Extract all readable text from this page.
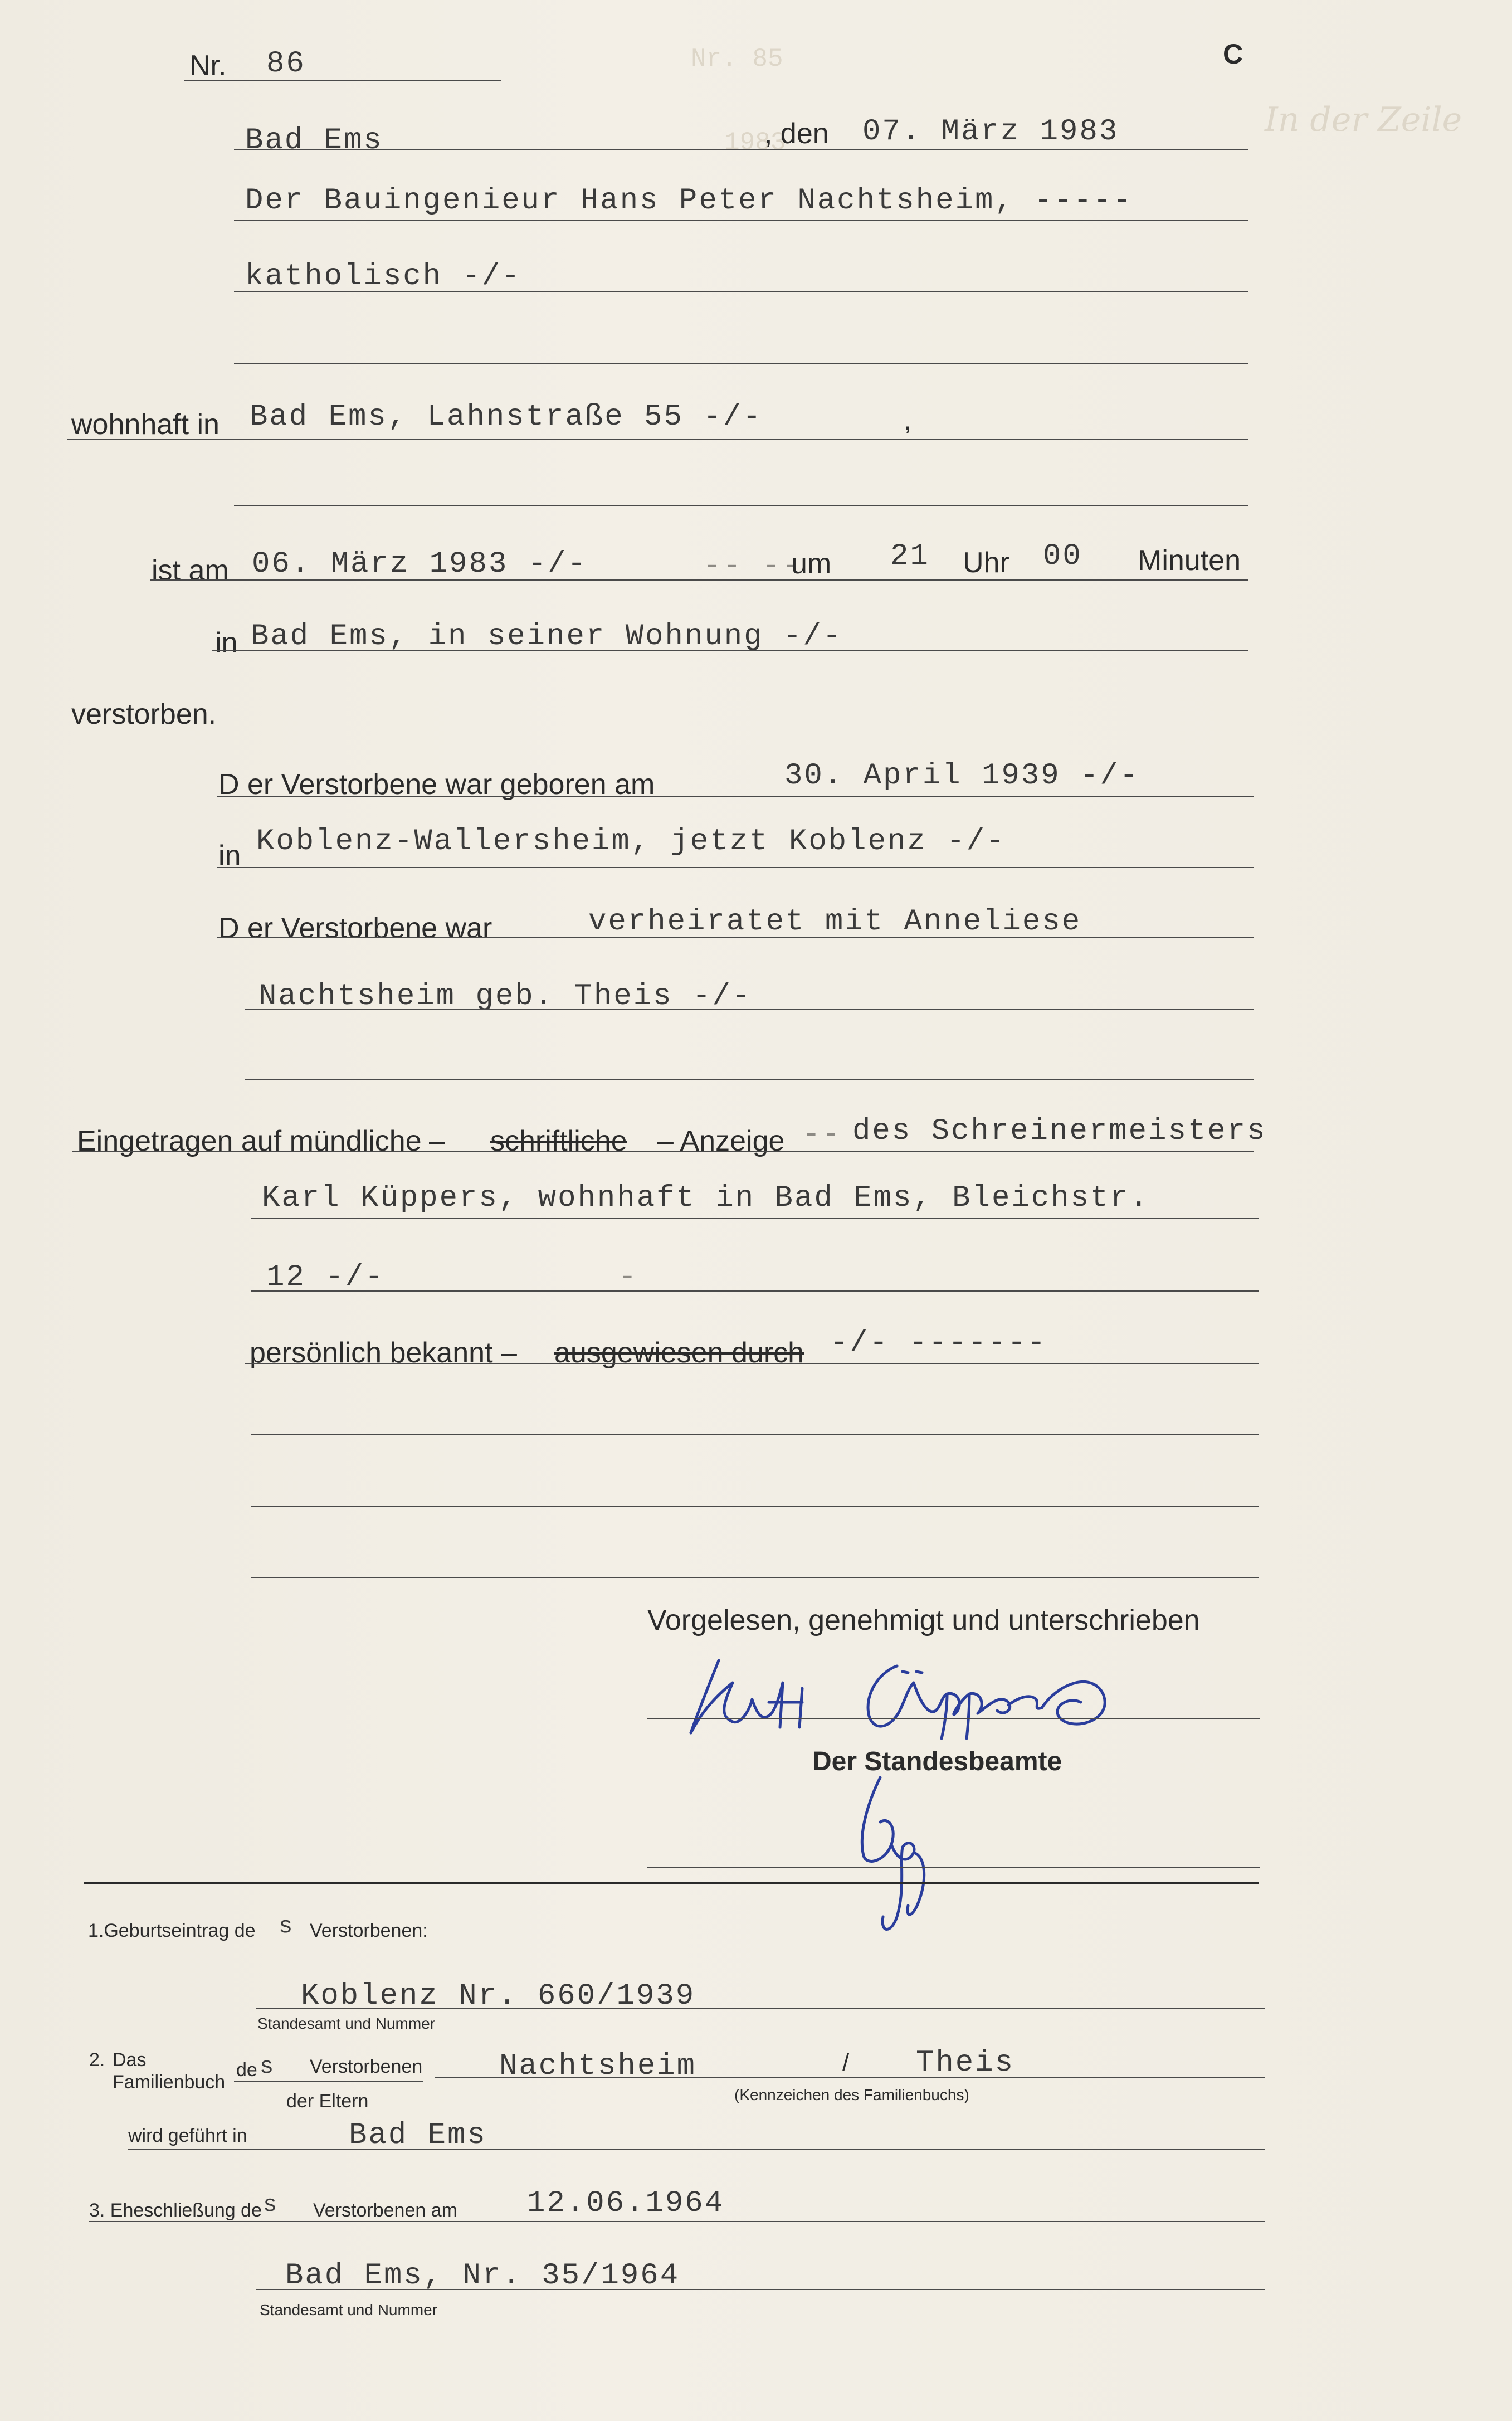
Nr. 85
1983
In der Zeile
Nr. 86	C
Bad Ems	, den 07. März 1983
Der Bauingenieur Hans Peter Nachtsheim, -----
katholisch -/-
wohnhaft in Bad Ems, Lahnstraße 55 -/-	,
ist am 06. März 1983 -/-	-- --
um 21 Uhr 00 Minuten
in Bad Ems, in seiner Wohnung -/-
verstorben.
D er Verstorbene war geboren am	30. April 1939 -/-
in Koblenz-Wallersheim, jetzt Koblenz -/-
D er Verstorbene war	verheiratet mit Anneliese
Nachtsheim geb. Theis -/-
Eingetragen auf mündliche – schriftliche – Anzeige -- des Schreinermeisters
Karl Küppers, wohnhaft in Bad Ems, Bleichstr.
12 -/-	-
persönlich bekannt – ausgewiesen durch -/- -------
Vorgelesen, genehmigt und unterschrieben
Der Standesbeamte
1.Geburtseintrag de s Verstorbenen:
Koblenz Nr. 660/1939
Standesamt und Nummer
2. Das
Familienbuch
de s Verstorbenen
der Eltern
Nachtsheim	/ Theis
(Kennzeichen des Familienbuchs)
wird geführt in	Bad Ems
3. Eheschließung de s Verstorbenen am 12.06.1964
Bad Ems, Nr. 35/1964
Standesamt und Nummer
